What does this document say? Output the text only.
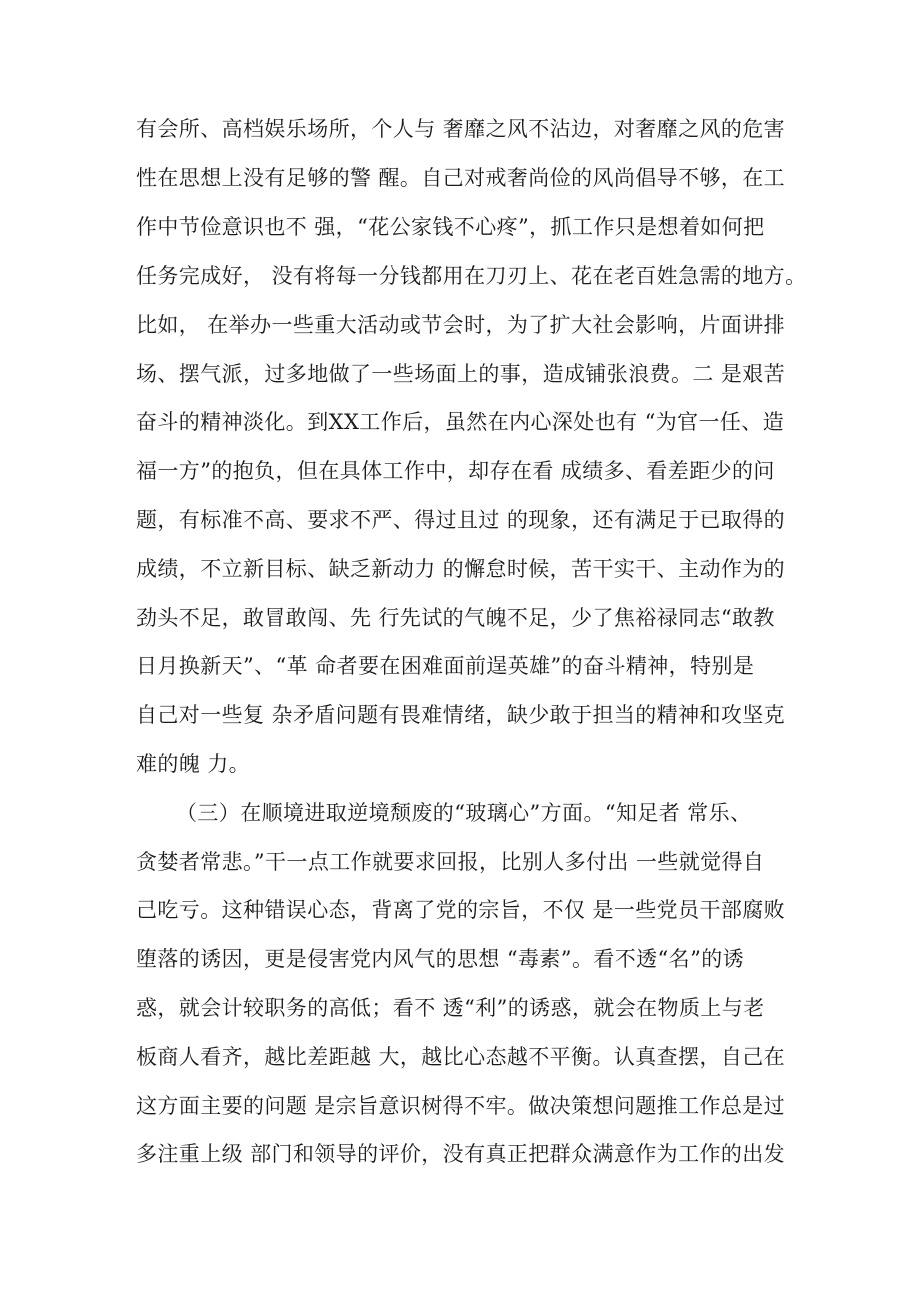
有会所、高档娱乐场所，个人与 奢靡之风不沾边，对奢靡之风的危害
性在思想上没有足够的警 醒。自己对戒奢尚俭的风尚倡导不够，在工
作中节俭意识也不 强，“花公家钱不心疼”，抓工作只是想着如何把
任务完成好， 没有将每一分钱都用在刀刃上、花在老百姓急需的地方。
比如， 在举办一些重大活动或节会时，为了扩大社会影响，片面讲排
场、摆气派，过多地做了一些场面上的事，造成铺张浪费。二 是艰苦
奋斗的精神淡化。到XX工作后，虽然在内心深处也有 “为官一任、造
福一方”的抱负，但在具体工作中，却存在看 成绩多、看差距少的问
题，有标准不高、要求不严、得过且过 的现象，还有满足于已取得的
成绩，不立新目标、缺乏新动力 的懈怠时候，苦干实干、主动作为的
劲头不足，敢冒敢闯、先 行先试的气魄不足，少了焦裕禄同志“敢教
日月换新天”、“革 命者要在困难面前逞英雄”的奋斗精神，特别是
自己对一些复 杂矛盾问题有畏难情绪，缺少敢于担当的精神和攻坚克
难的魄 力。
（三）在顺境进取逆境颓废的“玻璃心”方面。“知足者 常乐、
贪婪者常悲。”干一点工作就要求回报，比别人多付出 一些就觉得自
己吃亏。这种错误心态，背离了党的宗旨，不仅 是一些党员干部腐败
堕落的诱因，更是侵害党内风气的思想 “毒素”。看不透“名”的诱
惑，就会计较职务的高低；看不 透“利”的诱惑，就会在物质上与老
板商人看齐，越比差距越 大，越比心态越不平衡。认真查摆，自己在
这方面主要的问题 是宗旨意识树得不牢。做决策想问题推工作总是过
多注重上级 部门和领导的评价，没有真正把群众满意作为工作的出发
